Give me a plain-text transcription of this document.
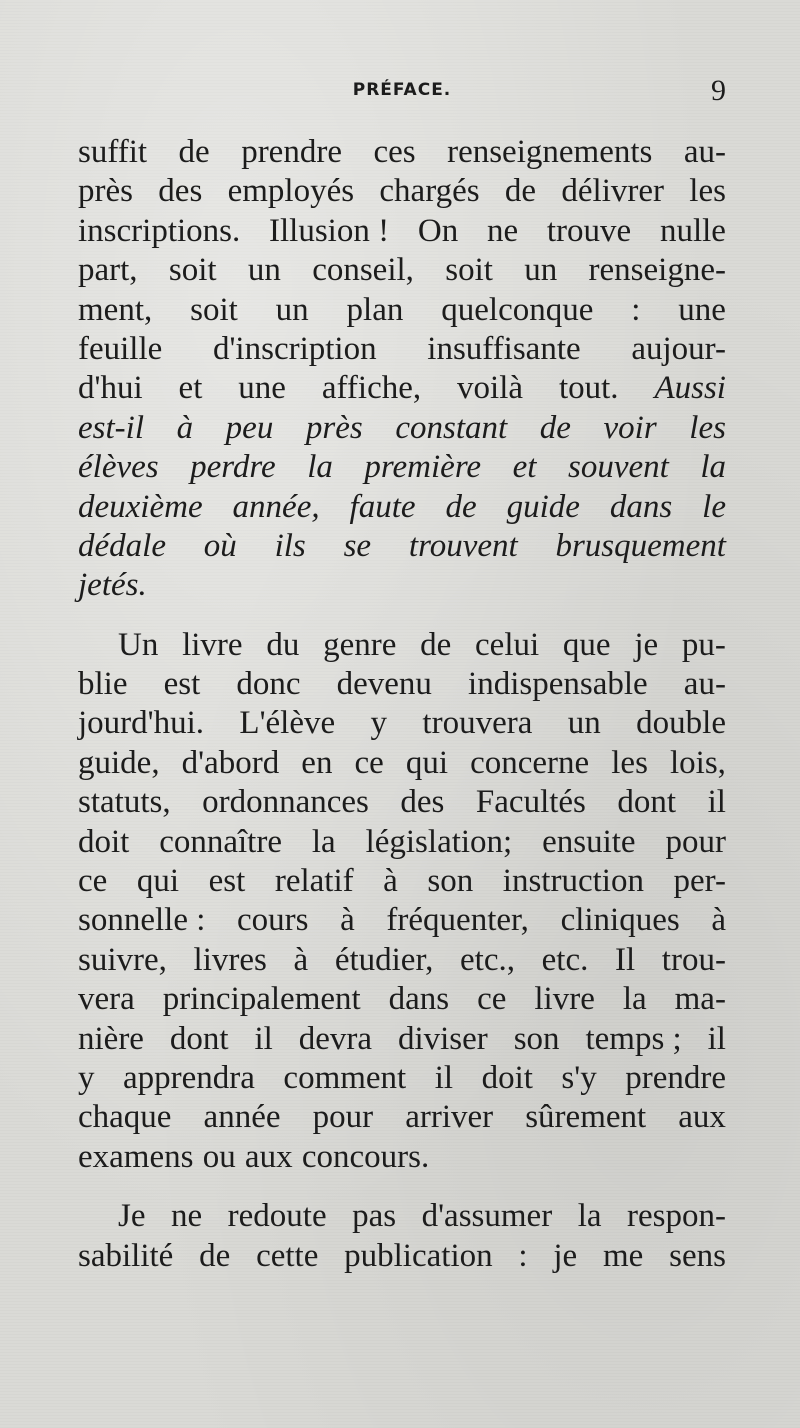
PRÉFACE.	9
suffit de prendre ces renseignements au-
près des employés chargés de délivrer les
inscriptions. Illusion ! On ne trouve nulle
part, soit un conseil, soit un renseigne-
ment, soit un plan quelconque : une
feuille d'inscription insuffisante aujour-
d'hui et une affiche, voilà tout. Aussi
est-il à peu près constant de voir les
élèves perdre la première et souvent la
deuxième année, faute de guide dans le
dédale où ils se trouvent brusquement
jetés.
Un livre du genre de celui que je pu-
blie est donc devenu indispensable au-
jourd'hui. L'élève y trouvera un double
guide, d'abord en ce qui concerne les lois,
statuts, ordonnances des Facultés dont il
doit connaître la législation; ensuite pour
ce qui est relatif à son instruction per-
sonnelle : cours à fréquenter, cliniques à
suivre, livres à étudier, etc., etc. Il trou-
vera principalement dans ce livre la ma-
nière dont il devra diviser son temps ; il
y apprendra comment il doit s'y prendre
chaque année pour arriver sûrement aux
examens ou aux concours.
Je ne redoute pas d'assumer la respon-
sabilité de cette publication : je me sens
